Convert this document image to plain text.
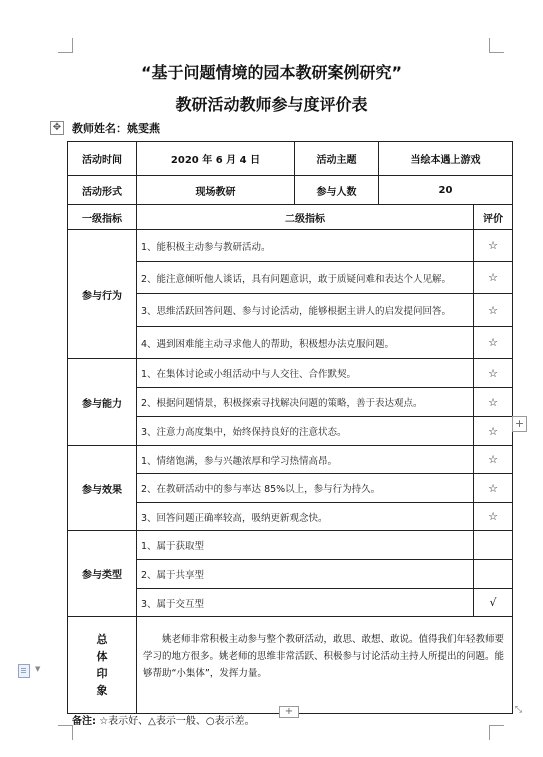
“基于问题情境的园本教研案例研究”
教研活动教师参与度评价表
✥ 教师姓名：姚雯燕
活动时间	2020 年 6 月 4 日	活动主题	当绘本遇上游戏	
活动形式	现场教研	参与人数	20	
一级指标	二级指标			评价
参与行为	1、能积极主动参与教研活动。			☆
	2、能注意倾听他人谈话，具有问题意识，敢于质疑问难和表达个人见解。			☆
	3、思维活跃回答问题、参与讨论活动，能够根据主讲人的启发提问回答。			☆
	4、遇到困难能主动寻求他人的帮助，积极想办法克服问题。			☆
参与能力	1、在集体讨论或小组活动中与人交往、合作默契。			☆
	2、根据问题情景，积极探索寻找解决问题的策略，善于表达观点。			☆
	3、注意力高度集中，始终保持良好的注意状态。			☆
参与效果	1、情绪饱满，参与兴趣浓厚和学习热情高昂。			☆
	2、在教研活动中的参与率达 85%以上，参与行为持久。			☆
	3、回答问题正确率较高，吸纳更新观念快。			☆
参与类型	1、属于获取型			
	2、属于共享型			
	3、属于交互型			√

总
体
印
象	姚老师非常积极主动参与整个教研活动，敢思、敢想、敢说。值得我们年轻教师要学习的地方很多。姚老师的思维非常活跃、积极参与讨论活动主持人所提出的问题。能够帮助“小集体”，发挥力量。			
备注: ☆表示好、△表示一般、○表示差。
+
+	⤡
▼
